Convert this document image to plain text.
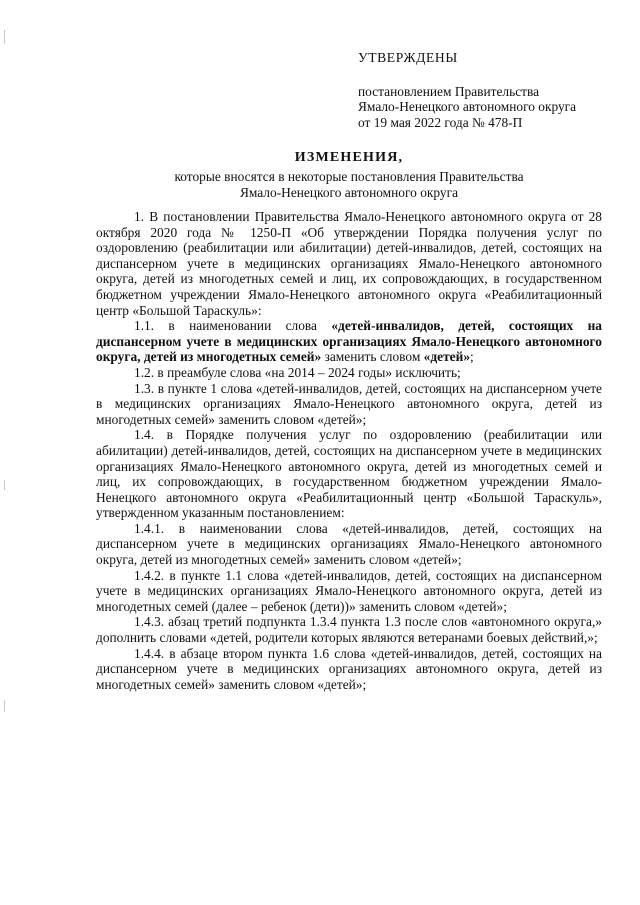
УТВЕРЖДЕНЫ
постановлением Правительства
Ямало-Ненецкого автономного округа
от 19 мая 2022 года № 478-П
ИЗМЕНЕНИЯ,
которые вносятся в некоторые постановления Правительства
Ямало-Ненецкого автономного округа

1. В постановлении Правительства Ямало-Ненецкого автономного округа от 28 октября 2020 года № 1250-П «Об утверждении Порядка получения услуг по оздоровлению (реабилитации или абилитации) детей-инвалидов, детей, состоящих на диспансерном учете в медицинских организациях Ямало-Ненецкого автономного округа, детей из многодетных семей и лиц, их сопровождающих, в государственном бюджетном учреждении Ямало-Ненецкого автономного округа «Реабилитационный центр «Большой Тараскуль»:

1.1. в наименовании слова «детей-инвалидов, детей, состоящих на диспансерном учете в медицинских организациях Ямало-Ненецкого автономного округа, детей из многодетных семей» заменить словом «детей»;

1.2. в преамбуле слова «на 2014 – 2024 годы» исключить;

1.3. в пункте 1 слова «детей-инвалидов, детей, состоящих на диспансерном учете в медицинских организациях Ямало-Ненецкого автономного округа, детей из многодетных семей» заменить словом «детей»;

1.4. в Порядке получения услуг по оздоровлению (реабилитации или абилитации) детей-инвалидов, детей, состоящих на диспансерном учете в медицинских организациях Ямало-Ненецкого автономного округа, детей из многодетных семей и лиц, их сопровождающих, в государственном бюджетном учреждении Ямало-Ненецкого автономного округа «Реабилитационный центр «Большой Тараскуль», утвержденном указанным постановлением:

1.4.1. в наименовании слова «детей-инвалидов, детей, состоящих на диспансерном учете в медицинских организациях Ямало-Ненецкого автономного округа, детей из многодетных семей» заменить словом «детей»;

1.4.2. в пункте 1.1 слова «детей-инвалидов, детей, состоящих на диспансерном учете в медицинских организациях Ямало-Ненецкого автономного округа, детей из многодетных семей (далее – ребенок (дети))» заменить словом «детей»;

1.4.3. абзац третий подпункта 1.3.4 пункта 1.3 после слов «автономного округа,» дополнить словами «детей, родители которых являются ветеранами боевых действий,»;

1.4.4. в абзаце втором пункта 1.6 слова «детей-инвалидов, детей, состоящих на диспансерном учете в медицинских организациях автономного округа, детей из многодетных семей» заменить словом «детей»;
